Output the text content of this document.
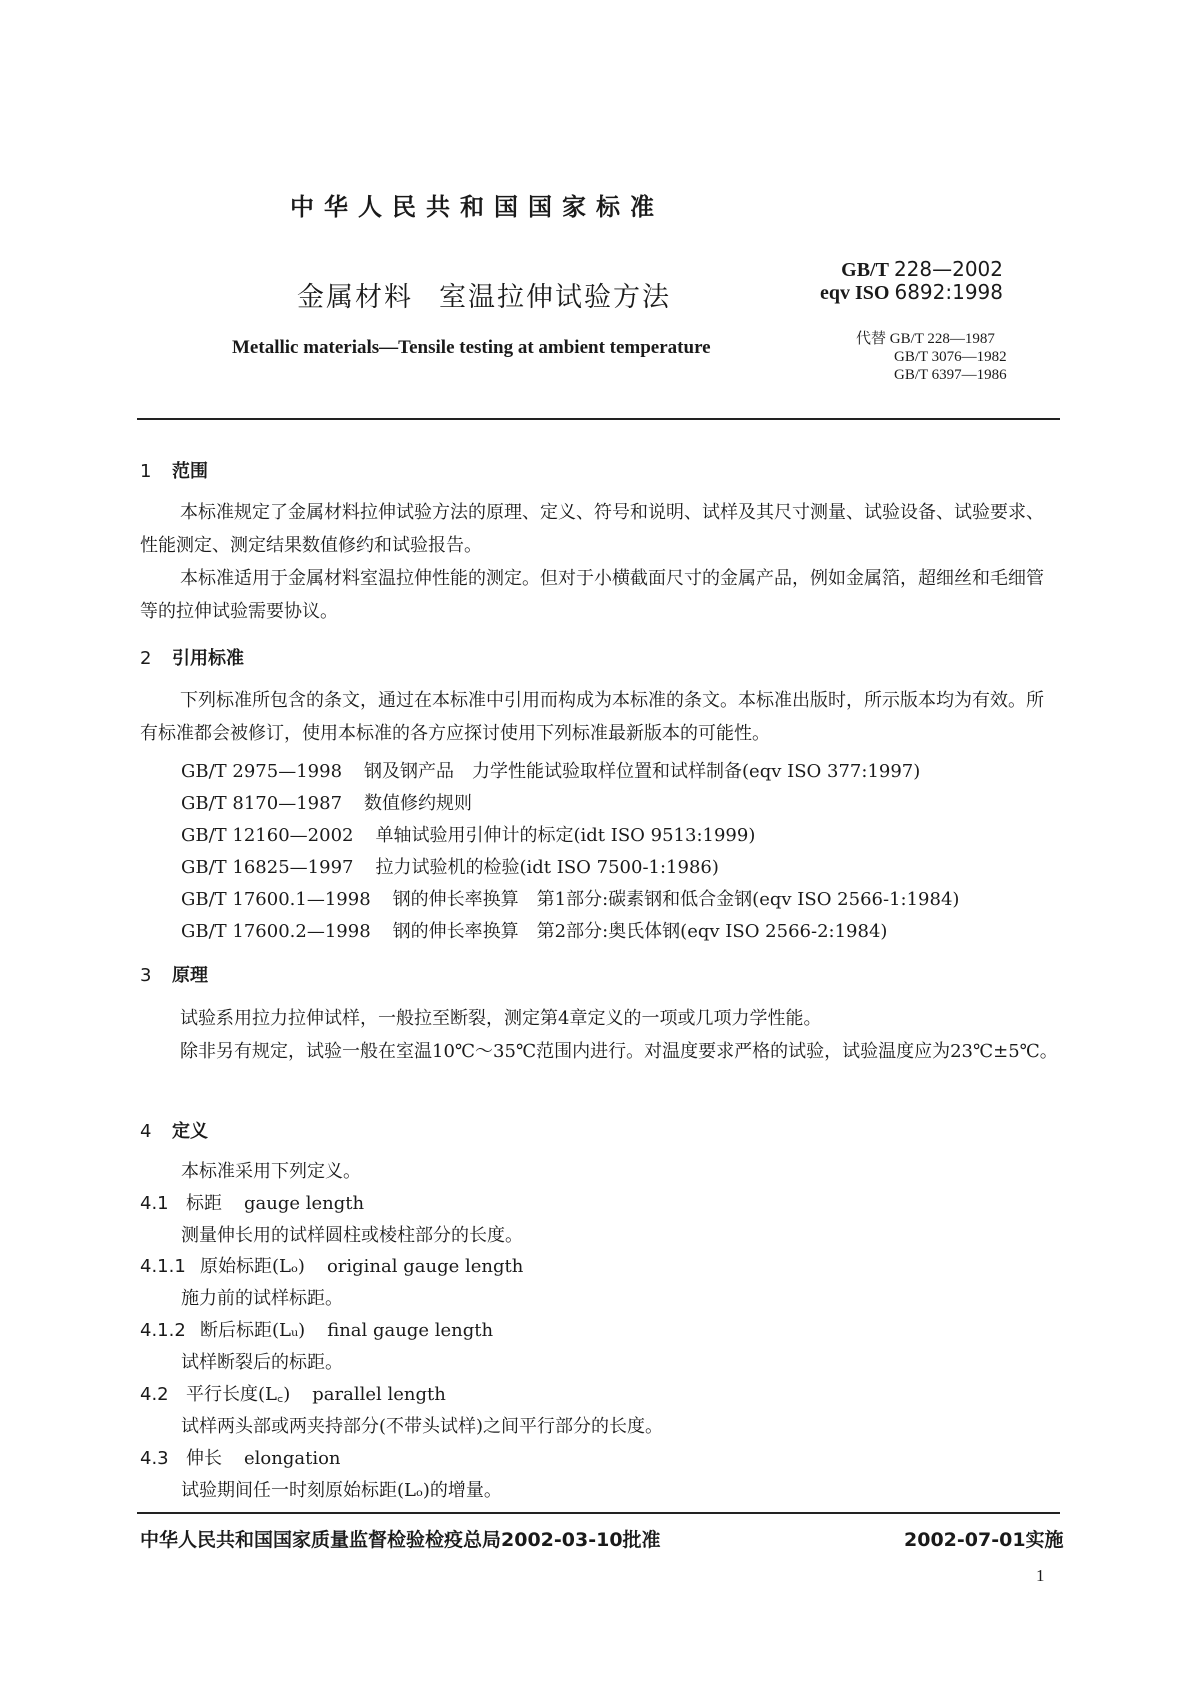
中华人民共和国国家标准
金属材料 室温拉伸试验方法
Metallic materials—Tensile testing at ambient temperature
GB/T 228—2002
eqv ISO 6892:1998
代替 GB/T 228—1987
GB/T 3076—1982
GB/T 6397—1986
1 范围
本标准规定了金属材料拉伸试验方法的原理、定义、符号和说明、试样及其尺寸测量、试验设备、试验要求、性能测定、测定结果数值修约和试验报告。
本标准适用于金属材料室温拉伸性能的测定。但对于小横截面尺寸的金属产品，例如金属箔，超细丝和毛细管等的拉伸试验需要协议。
2 引用标准
下列标准所包含的条文，通过在本标准中引用而构成为本标准的条文。本标准出版时，所示版本均为有效。所有标准都会被修订，使用本标准的各方应探讨使用下列标准最新版本的可能性。
GB/T 2975—1998 钢及钢产品　力学性能试验取样位置和试样制备(eqv ISO 377:1997)
GB/T 8170—1987 数值修约规则
GB/T 12160—2002 单轴试验用引伸计的标定(idt ISO 9513:1999)
GB/T 16825—1997 拉力试验机的检验(idt ISO 7500-1:1986)
GB/T 17600.1—1998 钢的伸长率换算　第1部分:碳素钢和低合金钢(eqv ISO 2566-1:1984)
GB/T 17600.2—1998 钢的伸长率换算　第2部分:奥氏体钢(eqv ISO 2566-2:1984)
3 原理
试验系用拉力拉伸试样，一般拉至断裂，测定第4章定义的一项或几项力学性能。
除非另有规定，试验一般在室温10℃～35℃范围内进行。对温度要求严格的试验，试验温度应为23℃±5℃。
4 定义
本标准采用下列定义。
4.1 标距 gauge length
测量伸长用的试样圆柱或棱柱部分的长度。
4.1.1 原始标距(Lₒ) original gauge length
施力前的试样标距。
4.1.2 断后标距(Lᵤ) final gauge length
试样断裂后的标距。
4.2 平行长度(L꜀) parallel length
试样两头部或两夹持部分(不带头试样)之间平行部分的长度。
4.3 伸长 elongation
试验期间任一时刻原始标距(Lₒ)的增量。
中华人民共和国国家质量监督检验检疫总局2002-03-10批准	2002-07-01实施
1
